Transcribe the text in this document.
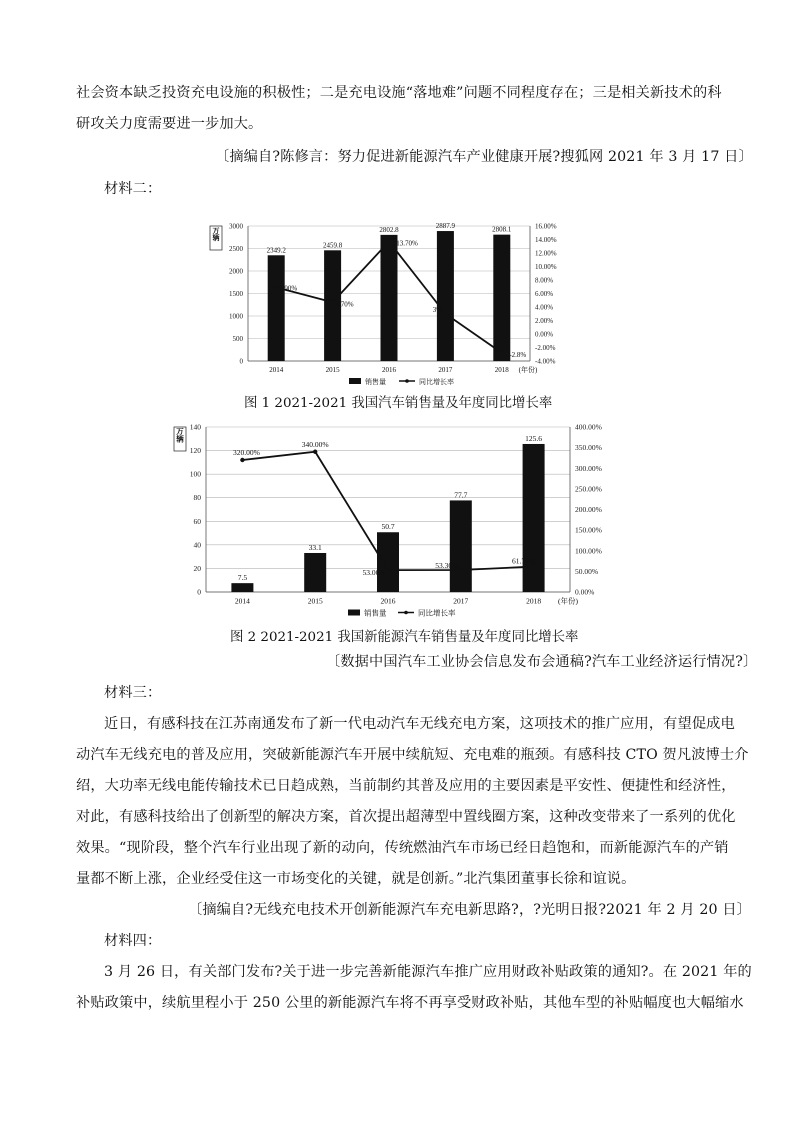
社会资本缺乏投资充电设施的积极性；二是充电设施“落地难”问题不同程度存在；三是相关新技术的科
研攻关力度需要进一步加大。
〔摘编自?陈修言：努力促进新能源汽车产业健康开展?搜狐网 2021 年 3 月 17 日〕
材料二：
0
500
1000
1500
2000
2500
3000
-4.00%
-2.00%
0.00%
2.00%
4.00%
6.00%
8.00%
10.00%
12.00%
14.00%
16.00%
万辆
2349.2
2459.8
2802.8	2887.9	2808.1
2014	2015	2016	2017	2018 (年份)
6.90%
4.70%
13.70%
3%
-2.8%
销售量	同比增长率
图 1 2021-2021 我国汽车销售量及年度同比增长率
0
20
40
60
80
100
120
140
0.00%
50.00%
100.00%
150.00%
200.00%
250.00%
300.00%
350.00%
400.00%
万辆
7.5
33.1
50.7
77.7
125.6
2014	2015	2016	2017	2018 (年份)
320.00%
340.00%
53.00%
53.30%	61.70%
销售量	同比增长率
图 2 2021-2021 我国新能源汽车销售量及年度同比增长率
〔数据中国汽车工业协会信息发布会通稿?汽车工业经济运行情况?〕
材料三：
近日，有感科技在江苏南通发布了新一代电动汽车无线充电方案，这项技术的推广应用，有望促成电
动汽车无线充电的普及应用，突破新能源汽车开展中续航短、充电难的瓶颈。有感科技 CTO 贺凡波博士介
绍，大功率无线电能传输技术已日趋成熟，当前制约其普及应用的主要因素是平安性、便捷性和经济性，
对此，有感科技给出了创新型的解决方案，首次提出超薄型中置线圈方案，这种改变带来了一系列的优化
效果。“现阶段，整个汽车行业出现了新的动向，传统燃油汽车市场已经日趋饱和，而新能源汽车的产销
量都不断上涨，企业经受住这一市场变化的关键，就是创新。”北汽集团董事长徐和谊说。
〔摘编自?无线充电技术开创新能源汽车充电新思路?，?光明日报?2021 年 2 月 20 日〕
材料四：
3 月 26 日，有关部门发布?关于进一步完善新能源汽车推广应用财政补贴政策的通知?。在 2021 年的
补贴政策中，续航里程小于 250 公里的新能源汽车将不再享受财政补贴，其他车型的补贴幅度也大幅缩水
